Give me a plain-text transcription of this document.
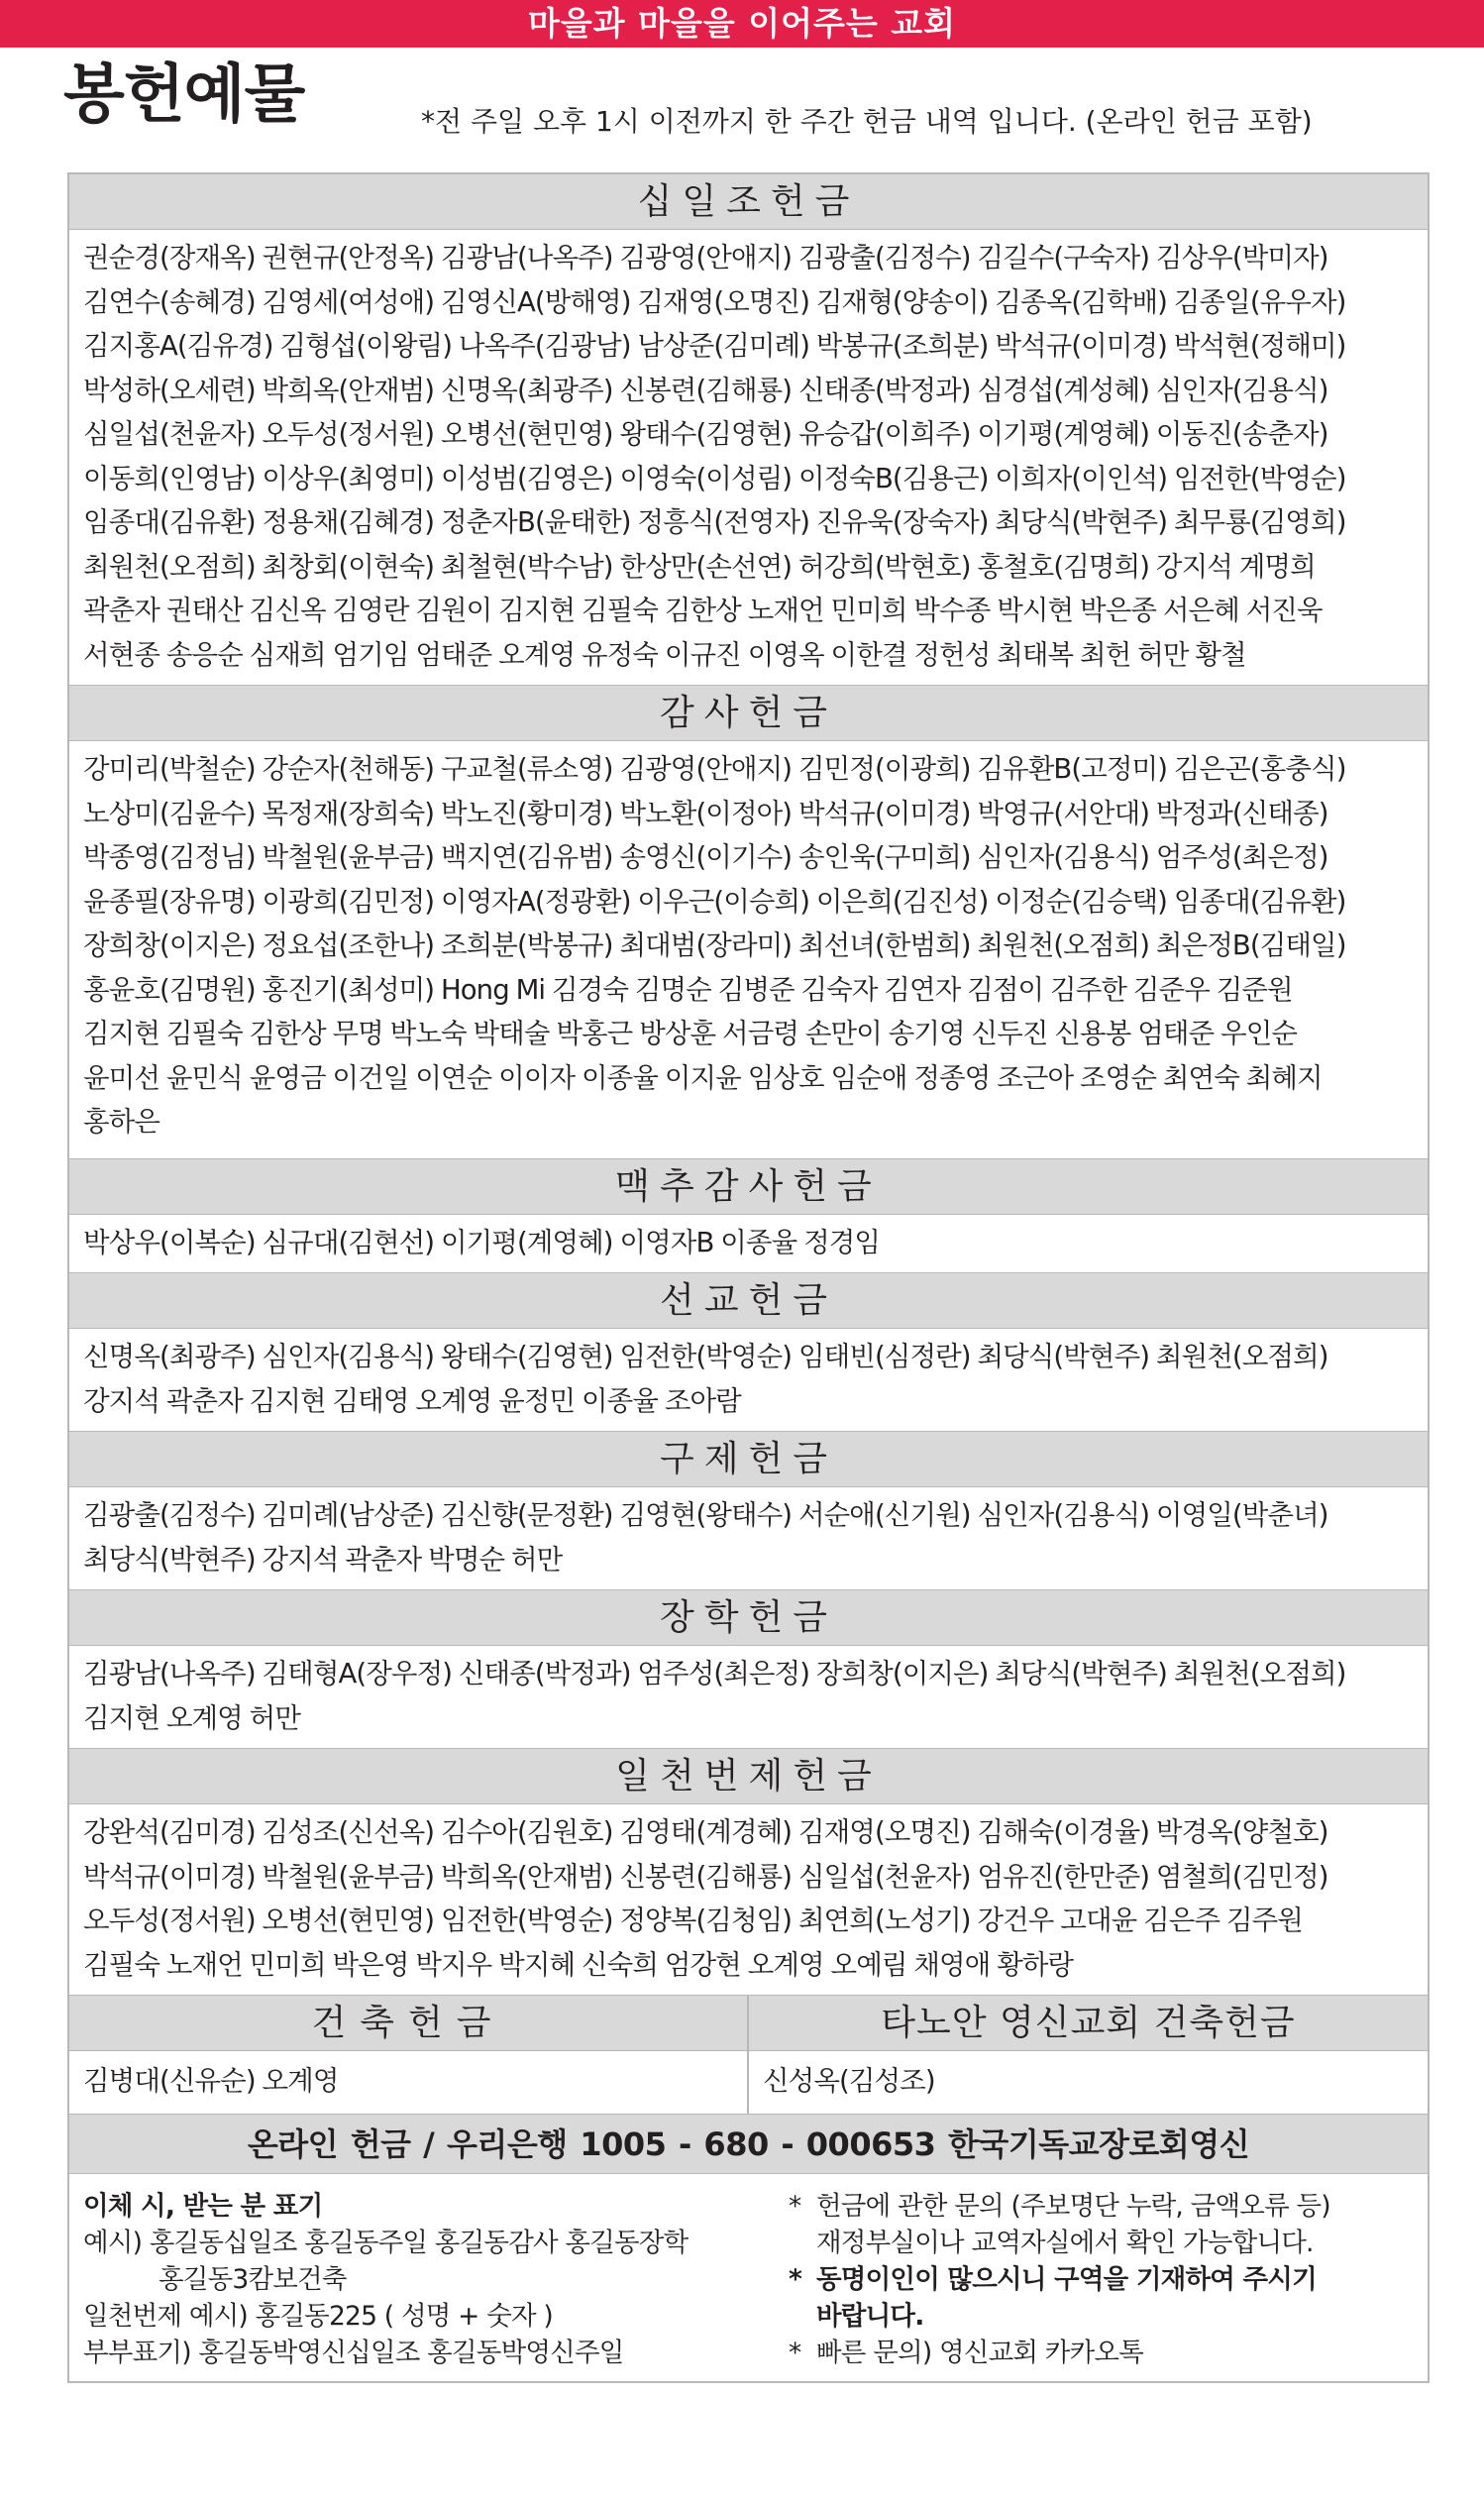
마을과 마을을 이어주는 교회
봉헌예물	*전 주일 오후 1시 이전까지 한 주간 헌금 내역 입니다. (온라인 헌금 포함)
십일조헌금
권순경(장재옥) 권현규(안정옥) 김광남(나옥주) 김광영(안애지) 김광출(김정수) 김길수(구숙자) 김상우(박미자)
김연수(송혜경) 김영세(여성애) 김영신A(방해영) 김재영(오명진) 김재형(양송이) 김종옥(김학배) 김종일(유우자)
김지홍A(김유경) 김형섭(이왕림) 나옥주(김광남) 남상준(김미례) 박봉규(조희분) 박석규(이미경) 박석현(정해미)
박성하(오세련) 박희옥(안재범) 신명옥(최광주) 신봉련(김해룡) 신태종(박정과) 심경섭(계성혜) 심인자(김용식)
심일섭(천윤자) 오두성(정서원) 오병선(현민영) 왕태수(김영현) 유승갑(이희주) 이기평(계영혜) 이동진(송춘자)
이동희(인영남) 이상우(최영미) 이성범(김영은) 이영숙(이성림) 이정숙B(김용근) 이희자(이인석) 임전한(박영순)
임종대(김유환) 정용채(김혜경) 정춘자B(윤태한) 정흥식(전영자) 진유욱(장숙자) 최당식(박현주) 최무룡(김영희)
최원천(오점희) 최창회(이현숙) 최철현(박수남) 한상만(손선연) 허강희(박현호) 홍철호(김명희) 강지석 계명희
곽춘자 권태산 김신옥 김영란 김원이 김지현 김필숙 김한상 노재언 민미희 박수종 박시현 박은종 서은혜 서진욱
서현종 송응순 심재희 엄기임 엄태준 오계영 유정숙 이규진 이영옥 이한결 정헌성 최태복 최헌 허만 황철
감사헌금
강미리(박철순) 강순자(천해동) 구교철(류소영) 김광영(안애지) 김민정(이광희) 김유환B(고정미) 김은곤(홍충식)
노상미(김윤수) 목정재(장희숙) 박노진(황미경) 박노환(이정아) 박석규(이미경) 박영규(서안대) 박정과(신태종)
박종영(김정님) 박철원(윤부금) 백지연(김유범) 송영신(이기수) 송인욱(구미희) 심인자(김용식) 엄주성(최은정)
윤종필(장유명) 이광희(김민정) 이영자A(정광환) 이우근(이승희) 이은희(김진성) 이정순(김승택) 임종대(김유환)
장희창(이지은) 정요섭(조한나) 조희분(박봉규) 최대범(장라미) 최선녀(한범희) 최원천(오점희) 최은정B(김태일)
홍윤호(김명원) 홍진기(최성미) Hong Mi 김경숙 김명순 김병준 김숙자 김연자 김점이 김주한 김준우 김준원
김지현 김필숙 김한상 무명 박노숙 박태술 박홍근 방상훈 서금령 손만이 송기영 신두진 신용봉 엄태준 우인순
윤미선 윤민식 윤영금 이건일 이연순 이이자 이종율 이지윤 임상호 임순애 정종영 조근아 조영순 최연숙 최혜지
홍하은
맥추감사헌금
박상우(이복순) 심규대(김현선) 이기평(계영혜) 이영자B 이종율 정경임
선교헌금
신명옥(최광주) 심인자(김용식) 왕태수(김영현) 임전한(박영순) 임태빈(심정란) 최당식(박현주) 최원천(오점희)
강지석 곽춘자 김지현 김태영 오계영 윤정민 이종율 조아람
구제헌금
김광출(김정수) 김미례(남상준) 김신향(문정환) 김영현(왕태수) 서순애(신기원) 심인자(김용식) 이영일(박춘녀)
최당식(박현주) 강지석 곽춘자 박명순 허만
장학헌금
김광남(나옥주) 김태형A(장우정) 신태종(박정과) 엄주성(최은정) 장희창(이지은) 최당식(박현주) 최원천(오점희)
김지현 오계영 허만
일천번제헌금
강완석(김미경) 김성조(신선옥) 김수아(김원호) 김영태(계경혜) 김재영(오명진) 김해숙(이경율) 박경옥(양철호)
박석규(이미경) 박철원(윤부금) 박희옥(안재범) 신봉련(김해룡) 심일섭(천윤자) 엄유진(한만준) 염철희(김민정)
오두성(정서원) 오병선(현민영) 임전한(박영순) 정양복(김청임) 최연희(노성기) 강건우 고대윤 김은주 김주원
김필숙 노재언 민미희 박은영 박지우 박지혜 신숙희 엄강현 오계영 오예림 채영애 황하랑
건축헌금
김병대(신유순) 오계영
타노안 영신교회 건축헌금
신성옥(김성조)
온라인 헌금 / 우리은행 1005 - 680 - 000653 한국기독교장로회영신
이체 시, 받는 분 표기
예시) 홍길동십일조 홍길동주일 홍길동감사 홍길동장학
홍길동3캄보건축
일천번제 예시) 홍길동225 ( 성명 + 숫자 )
부부표기) 홍길동박영신십일조 홍길동박영신주일
* 헌금에 관한 문의 (주보명단 누락, 금액오류 등)
재정부실이나 교역자실에서 확인 가능합니다.
* 동명이인이 많으시니 구역을 기재하여 주시기
바랍니다.
* 빠른 문의) 영신교회 카카오톡
